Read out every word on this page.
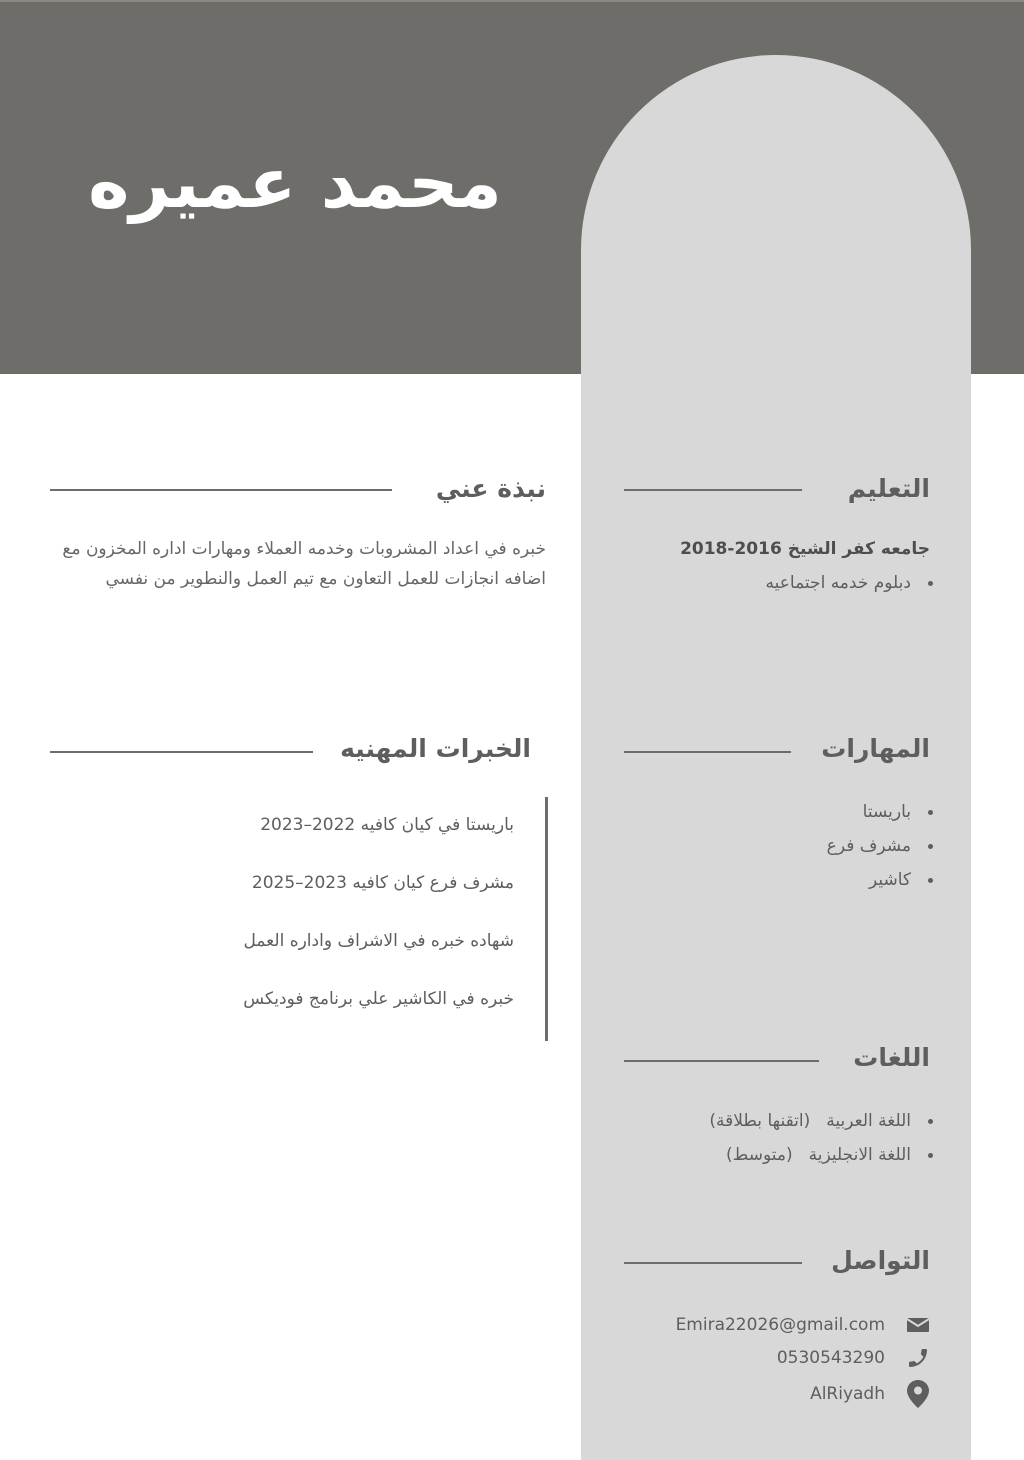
محمد عميره
نبذة عني
خبره في اعداد المشروبات وخدمه العملاء ومهارات اداره المخزون مع اضافه انجازات للعمل التعاون مع تيم العمل والنطوير من نفسي
الخبرات المهنيه
باريستا في كيان كافيه 2022–2023
مشرف فرع كيان كافيه 2023–2025
شهاده خبره في الاشراف واداره العمل
خبره في الكاشير علي برنامج فوديكس
التعليم
جامعه كفر الشيخ 2016-2018
دبلوم خدمه اجتماعيه
المهارات
باريستا
مشرف فرع
كاشير
اللغات
اللغة العربية(اتقنها بطلاقة)
اللغة الانجليزية(متوسط)
التواصل
Emira22026@gmail.com
0530543290
AlRiyadh
